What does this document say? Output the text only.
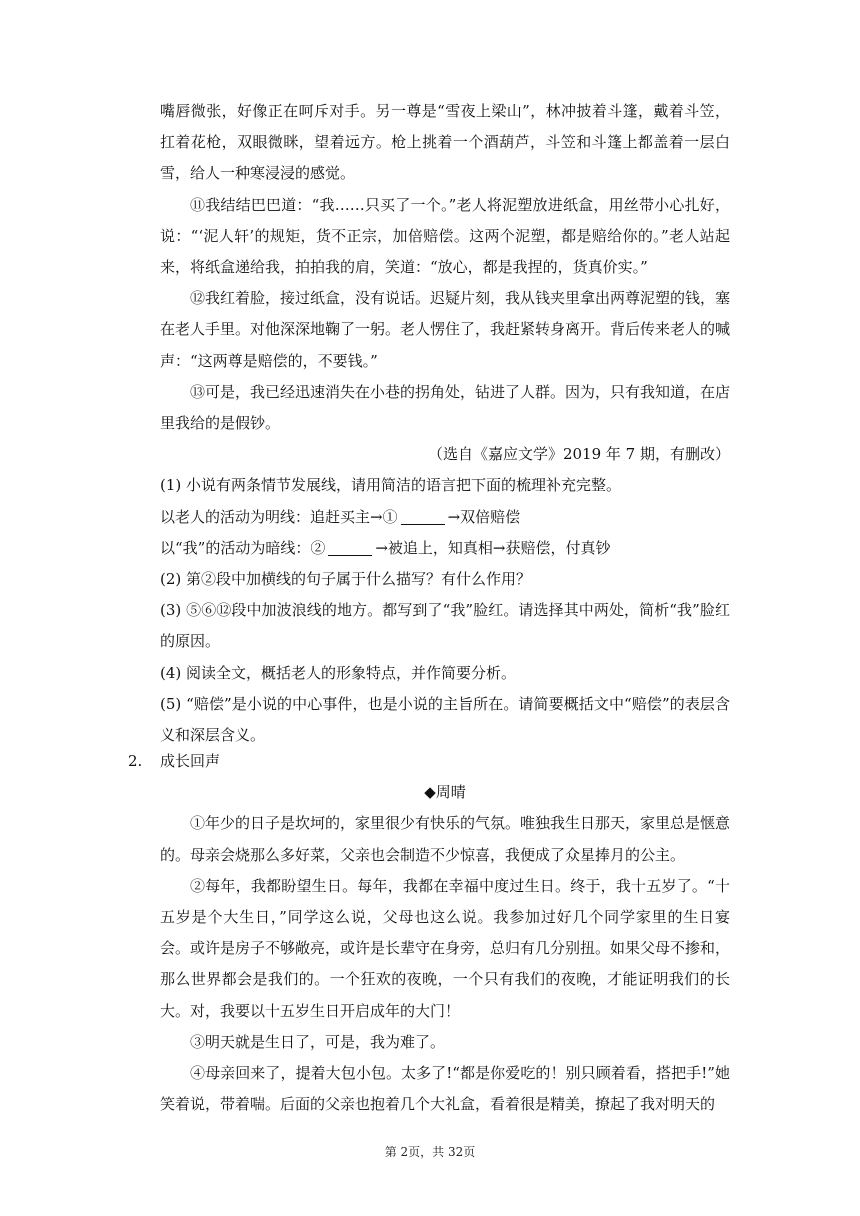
嘴唇微张，好像正在呵斥对手。另一尊是“雪夜上梁山”，林冲披着斗篷，戴着斗笠，扛着花枪，双眼微眯，望着远方。枪上挑着一个酒葫芦，斗笠和斗篷上都盖着一层白雪，给人一种寒浸浸的感觉。

⑪我结结巴巴道：“我……只买了一个。”老人将泥塑放进纸盒，用丝带小心扎好，说：“‘泥人轩’的规矩，货不正宗，加倍赔偿。这两个泥塑，都是赔给你的。”老人站起来，将纸盒递给我，拍拍我的肩，笑道：“放心，都是我捏的，货真价实。”

⑫我红着脸，接过纸盒，没有说话。迟疑片刻，我从钱夹里拿出两尊泥塑的钱，塞在老人手里。对他深深地鞠了一躬。老人愣住了，我赶紧转身离开。背后传来老人的喊声：“这两尊是赔偿的，不要钱。”

⑬可是，我已经迅速消失在小巷的拐角处，钻进了人群。因为，只有我知道，在店里我给的是假钞。

（选自《嘉应文学》2019 年 7 期，有删改）

(1) 小说有两条情节发展线，请用简洁的语言把下面的梳理补充完整。

以老人的活动为明线：追赶买主→①	→双倍赔偿

以“我”的活动为暗线：②	→被追上，知真相→获赔偿，付真钞

(2) 第②段中加横线的句子属于什么描写？有什么作用？

(3) ⑤⑥⑫段中加波浪线的地方。都写到了“我”脸红。请选择其中两处，简析“我”脸红的原因。

(4) 阅读全文，概括老人的形象特点，并作简要分析。

(5) “赔偿”是小说的中心事件，也是小说的主旨所在。请简要概括文中“赔偿”的表层含义和深层含义。

2. 成长回声

◆周晴

①年少的日子是坎坷的，家里很少有快乐的气氛。唯独我生日那天，家里总是惬意的。母亲会烧那么多好菜，父亲也会制造不少惊喜，我便成了众星捧月的公主。

②每年，我都盼望生日。每年，我都在幸福中度过生日。终于，我十五岁了。“十五岁是个大生日，”同学这么说，父母也这么说。我参加过好几个同学家里的生日宴会。或许是房子不够敞亮，或许是长辈守在身旁，总归有几分别扭。如果父母不掺和，那么世界都会是我们的。一个狂欢的夜晚，一个只有我们的夜晚，才能证明我们的长大。对，我要以十五岁生日开启成年的大门！

③明天就是生日了，可是，我为难了。

④母亲回来了，提着大包小包。太多了!“都是你爱吃的！别只顾着看，搭把手!”她笑着说，带着喘。后面的父亲也抱着几个大礼盒，看着很是精美，撩起了我对明天的

第 2页，共 32页
